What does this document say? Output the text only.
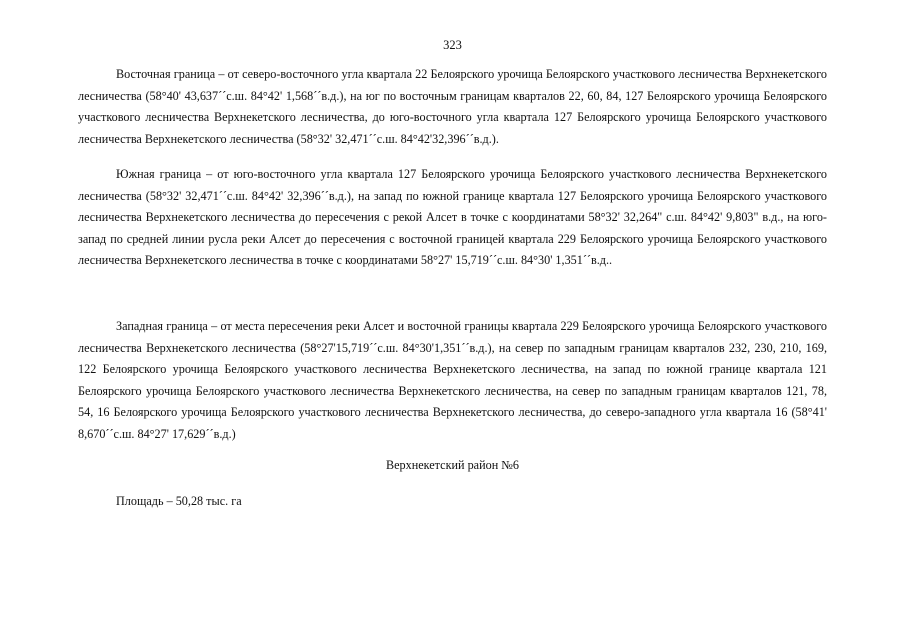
323

Восточная граница – от северо-восточного угла квартала 22 Белоярского урочища Белоярского участкового лесничества Верхнекетского лесничества (58°40' 43,637´´с.ш. 84°42' 1,568´´в.д.), на юг по восточным границам кварталов 22, 60, 84, 127 Белоярского урочища Белоярского участкового лесничества Верхнекетского лесничества, до юго-восточного угла квартала 127 Белоярского урочища Белоярского участкового лесничества Верхнекетского лесничества (58°32' 32,471´´с.ш. 84°42'32,396´´в.д.).

Южная граница – от юго-восточного угла квартала 127 Белоярского урочища Белоярского участкового лесничества Верхнекетского лесничества (58°32' 32,471´´с.ш. 84°42' 32,396´´в.д.), на запад по южной границе квартала 127 Белоярского урочища Белоярского участкового лесничества Верхнекетского лесничества до пересечения с рекой Алсет в точке с координатами 58°32' 32,264" с.ш. 84°42' 9,803" в.д., на юго-запад по средней линии русла реки Алсет до пересечения с восточной границей квартала 229 Белоярского урочища Белоярского участкового лесничества Верхнекетского лесничества в точке с координатами 58°27' 15,719´´с.ш. 84°30' 1,351´´в.д..

Западная граница – от места пересечения реки Алсет и восточной границы квартала 229 Белоярского урочища Белоярского участкового лесничества Верхнекетского лесничества (58°27'15,719´´с.ш. 84°30'1,351´´в.д.), на север по западным границам кварталов 232, 230, 210, 169, 122 Белоярского урочища Белоярского участкового лесничества Верхнекетского лесничества, на запад по южной границе квартала 121 Белоярского урочища Белоярского участкового лесничества Верхнекетского лесничества, на север по западным границам кварталов 121, 78, 54, 16 Белоярского урочища Белоярского участкового лесничества Верхнекетского лесничества, до северо-западного угла квартала 16 (58°41' 8,670´´с.ш. 84°27' 17,629´´в.д.)

Верхнекетский район №6

Площадь – 50,28 тыс. га
